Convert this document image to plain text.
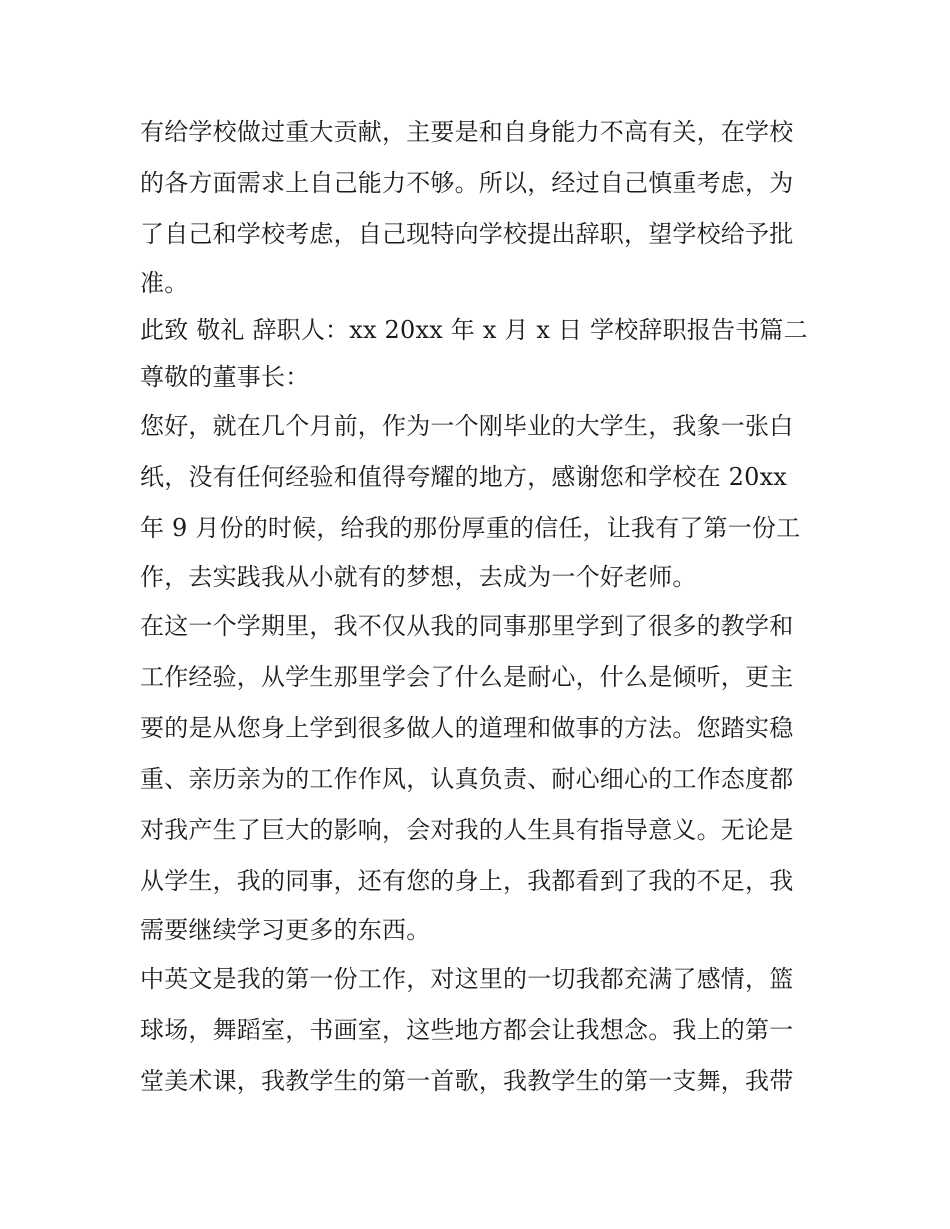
有给学校做过重大贡献，主要是和自身能力不高有关，在学校
的各方面需求上自己能力不够。所以，经过自己慎重考虑，为
了自己和学校考虑，自己现特向学校提出辞职，望学校给予批
准。
此致 敬礼 辞职人：xx 20xx 年 x 月 x 日 学校辞职报告书篇二
尊敬的董事长：
您好，就在几个月前，作为一个刚毕业的大学生，我象一张白
纸，没有任何经验和值得夸耀的地方，感谢您和学校在 20xx
年 9 月份的时候，给我的那份厚重的信任，让我有了第一份工
作，去实践我从小就有的梦想，去成为一个好老师。
在这一个学期里，我不仅从我的同事那里学到了很多的教学和
工作经验，从学生那里学会了什么是耐心，什么是倾听，更主
要的是从您身上学到很多做人的道理和做事的方法。您踏实稳
重、亲历亲为的工作作风，认真负责、耐心细心的工作态度都
对我产生了巨大的影响，会对我的人生具有指导意义。无论是
从学生，我的同事，还有您的身上，我都看到了我的不足，我
需要继续学习更多的东西。
中英文是我的第一份工作，对这里的一切我都充满了感情，篮
球场，舞蹈室，书画室，这些地方都会让我想念。我上的第一
堂美术课，我教学生的第一首歌，我教学生的第一支舞，我带
